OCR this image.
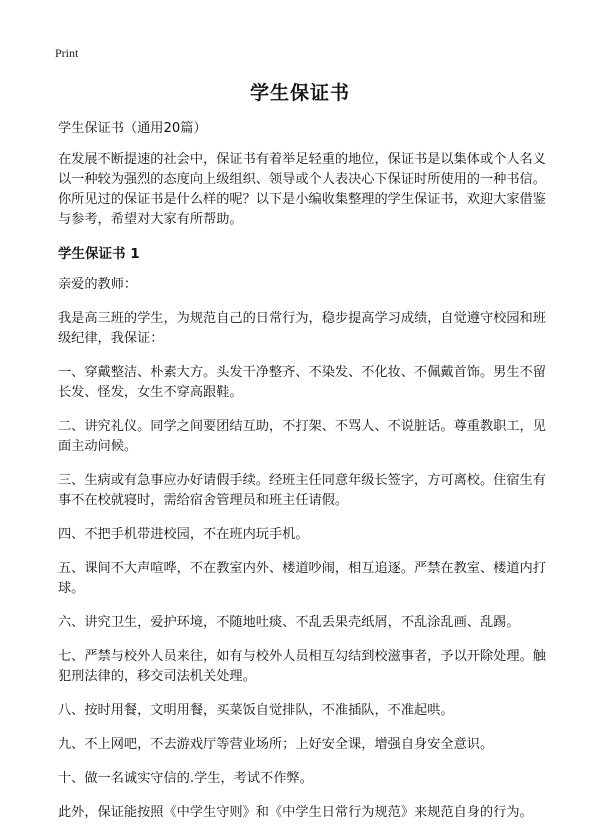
Print
学生保证书
学生保证书（通用20篇）
在发展不断提速的社会中，保证书有着举足轻重的地位，保证书是以集体或个人名义以一种较为强烈的态度向上级组织、领导或个人表决心下保证时所使用的一种书信。你所见过的保证书是什么样的呢？以下是小编收集整理的学生保证书，欢迎大家借鉴与参考，希望对大家有所帮助。
学生保证书 1
亲爱的教师：
我是高三班的学生，为规范自己的日常行为，稳步提高学习成绩，自觉遵守校园和班级纪律，我保证：
一、穿戴整洁、朴素大方。头发干净整齐、不染发、不化妆、不佩戴首饰。男生不留长发、怪发，女生不穿高跟鞋。
二、讲究礼仪。同学之间要团结互助，不打架、不骂人、不说脏话。尊重教职工，见面主动问候。
三、生病或有急事应办好请假手续。经班主任同意年级长签字，方可离校。住宿生有事不在校就寝时，需给宿舍管理员和班主任请假。
四、不把手机带进校园，不在班内玩手机。
五、课间不大声喧哗，不在教室内外、楼道吵闹，相互追逐。严禁在教室、楼道内打球。
六、讲究卫生，爱护环境，不随地吐痰、不乱丢果壳纸屑，不乱涂乱画、乱踢。
七、严禁与校外人员来往，如有与校外人员相互勾结到校滋事者，予以开除处理。触犯刑法律的，移交司法机关处理。
八、按时用餐，文明用餐，买菜饭自觉排队，不准插队，不准起哄。
九、不上网吧，不去游戏厅等营业场所；上好安全课，增强自身安全意识。
十、做一名诚实守信的.学生，考试不作弊。
此外，保证能按照《中学生守则》和《中学生日常行为规范》来规范自身的行为。
